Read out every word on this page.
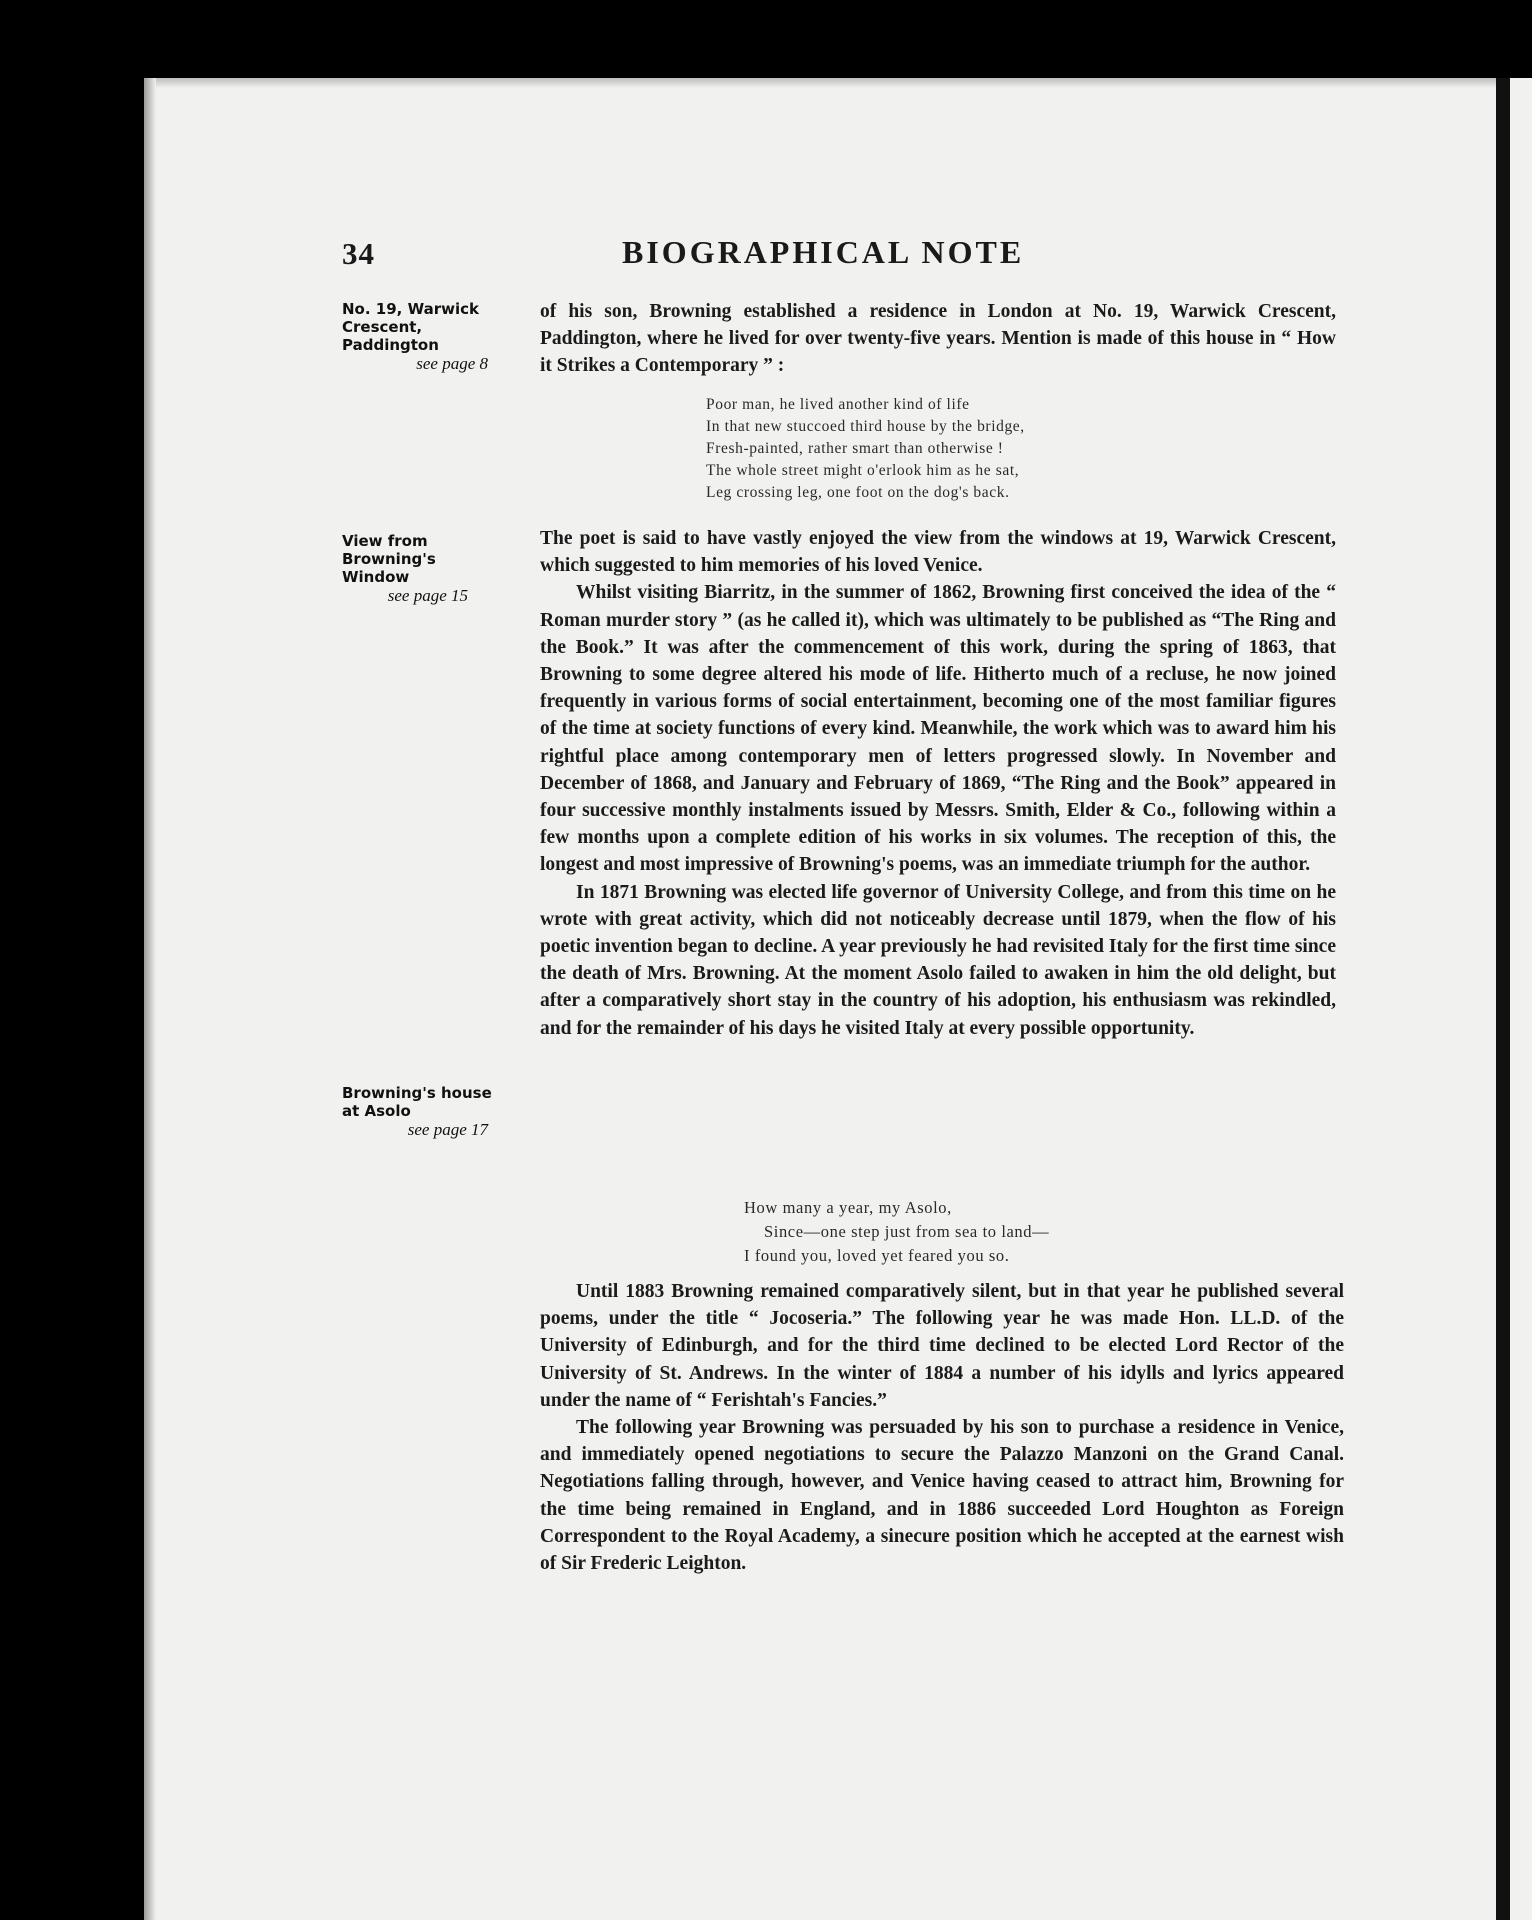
34	BIOGRAPHICAL NOTE
No. 19, Warwick Crescent, Paddington
see page 8
View from Browning's Window
see page 15
Browning's house at Asolo
see page 17

of his son, Browning established a residence in London at No. 19, Warwick Crescent, Paddington, where he lived for over twenty-five years. Mention is made of this house in “ How it Strikes a Contemporary ” :

Poor man, he lived another kind of life
In that new stuccoed third house by the bridge,
Fresh-painted, rather smart than otherwise !
The whole street might o'erlook him as he sat,
Leg crossing leg, one foot on the dog's back.

The poet is said to have vastly enjoyed the view from the windows at 19, Warwick Crescent, which suggested to him memories of his loved Venice.

Whilst visiting Biarritz, in the summer of 1862, Browning first conceived the idea of the “ Roman murder story ” (as he called it), which was ultimately to be published as “The Ring and the Book.” It was after the commencement of this work, during the spring of 1863, that Browning to some degree altered his mode of life. Hitherto much of a recluse, he now joined frequently in various forms of social entertainment, becoming one of the most familiar figures of the time at society functions of every kind. Meanwhile, the work which was to award him his rightful place among contemporary men of letters progressed slowly. In November and December of 1868, and January and February of 1869, “The Ring and the Book” appeared in four successive monthly instalments issued by Messrs. Smith, Elder & Co., following within a few months upon a complete edition of his works in six volumes. The reception of this, the longest and most impressive of Browning's poems, was an immediate triumph for the author.

In 1871 Browning was elected life governor of University College, and from this time on he wrote with great activity, which did not noticeably decrease until 1879, when the flow of his poetic invention began to decline. A year previously he had revisited Italy for the first time since the death of Mrs. Browning. At the moment Asolo failed to awaken in him the old delight, but after a comparatively short stay in the country of his adoption, his enthusiasm was rekindled, and for the remainder of his days he visited Italy at every possible opportunity.

How many a year, my Asolo,
Since—one step just from sea to land—
I found you, loved yet feared you so.

Until 1883 Browning remained comparatively silent, but in that year he published several poems, under the title “ Jocoseria.” The following year he was made Hon. LL.D. of the University of Edinburgh, and for the third time declined to be elected Lord Rector of the University of St. Andrews. In the winter of 1884 a number of his idylls and lyrics appeared under the name of “ Ferishtah's Fancies.”

The following year Browning was persuaded by his son to purchase a residence in Venice, and immediately opened negotiations to secure the Palazzo Manzoni on the Grand Canal. Negotiations falling through, however, and Venice having ceased to attract him, Browning for the time being remained in England, and in 1886 succeeded Lord Houghton as Foreign Correspondent to the Royal Academy, a sinecure position which he accepted at the earnest wish of Sir Frederic Leighton.
